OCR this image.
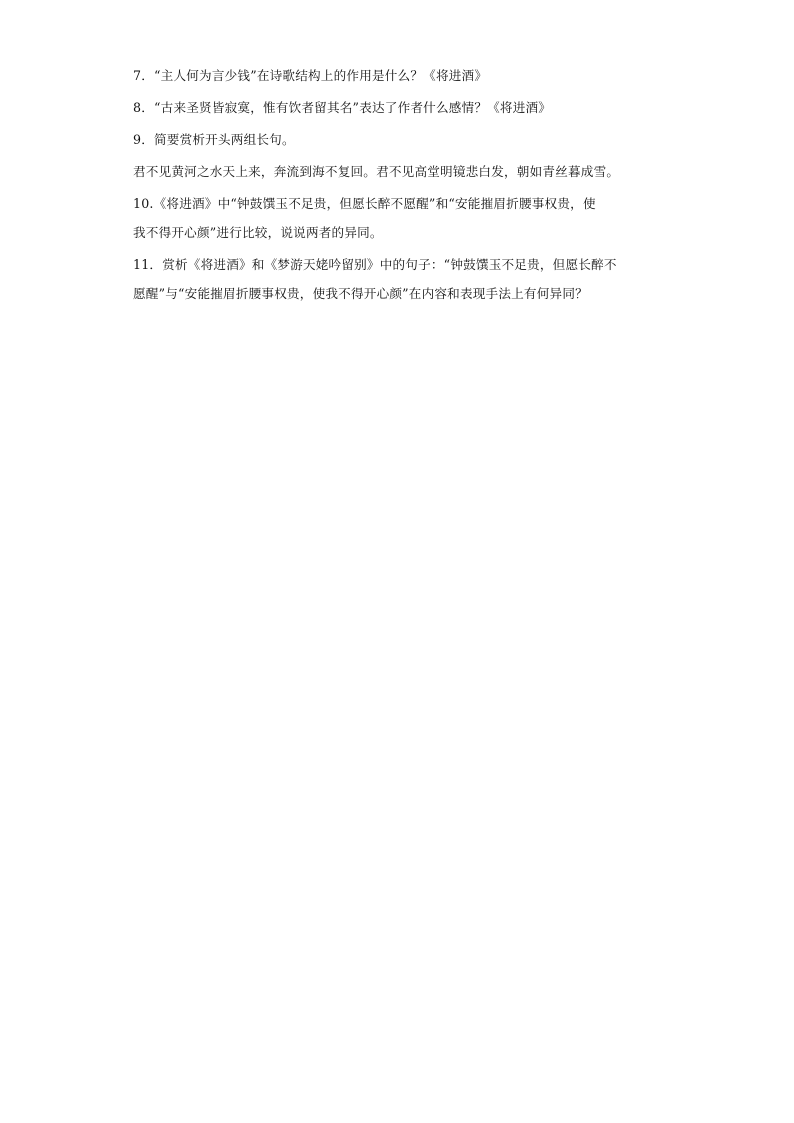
7．“主人何为言少钱”在诗歌结构上的作用是什么？《将进酒》
8．“古来圣贤皆寂寞，惟有饮者留其名”表达了作者什么感情？《将进酒》
9．简要赏析开头两组长句。
君不见黄河之水天上来，奔流到海不复回。君不见高堂明镜悲白发，朝如青丝暮成雪。
10.《将进酒》中“钟鼓馔玉不足贵，但愿长醉不愿醒”和“安能摧眉折腰事权贵，使
我不得开心颜”进行比较，说说两者的异同。
11．赏析《将进酒》和《梦游天姥吟留别》中的句子：“钟鼓馔玉不足贵，但愿长醉不
愿醒”与“安能摧眉折腰事权贵，使我不得开心颜”在内容和表现手法上有何异同？
